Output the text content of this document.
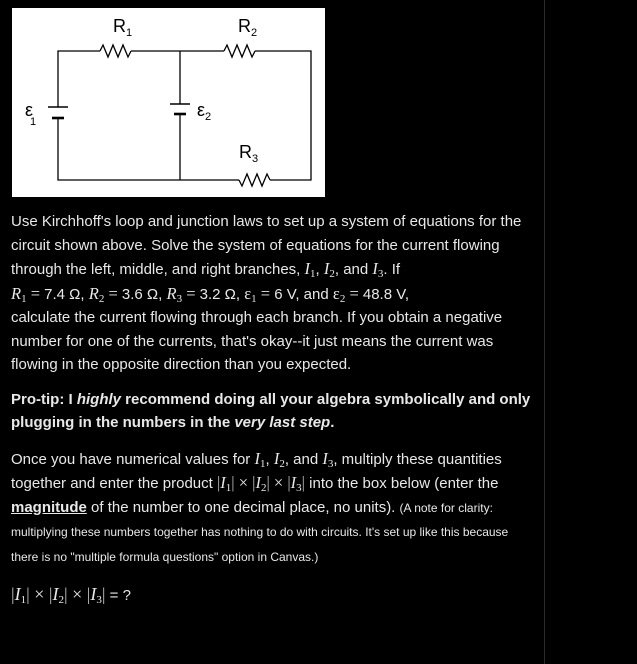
$R_1$	$R_2$
$R_3$
ε 1
$\varepsilon_2$

Use Kirchhoff's loop and junction laws to set up a system of equations for the circuit shown above. Solve the system of equations for the current flowing through the left, middle, and right branches, $I_1$, $I_2$, and $I_3$. If
$R_1 = 7.4$ Ω, $R_2 = 3.6$ Ω, $R_3 = 3.2$ Ω, $\varepsilon_1 = 6$ V, and $\varepsilon_2 = 48.8$ V,
calculate the current flowing through each branch. If you obtain a negative number for one of the currents, that's okay--it just means the current was flowing in the opposite direction than you expected.

Pro-tip: I highly recommend doing all your algebra symbolically and only plugging in the numbers in the very last step.

Once you have numerical values for $I_1$, $I_2$, and $I_3$, multiply these quantities together and enter the product $|I_1| \times |I_2| \times |I_3|$ into the box below (enter the magnitude of the number to one decimal place, no units). (A note for clarity: multiplying these numbers together has nothing to do with circuits. It's set up like this because there is no "multiple formula questions" option in Canvas.)

$|I_1| \times |I_2| \times |I_3|$ = ?
